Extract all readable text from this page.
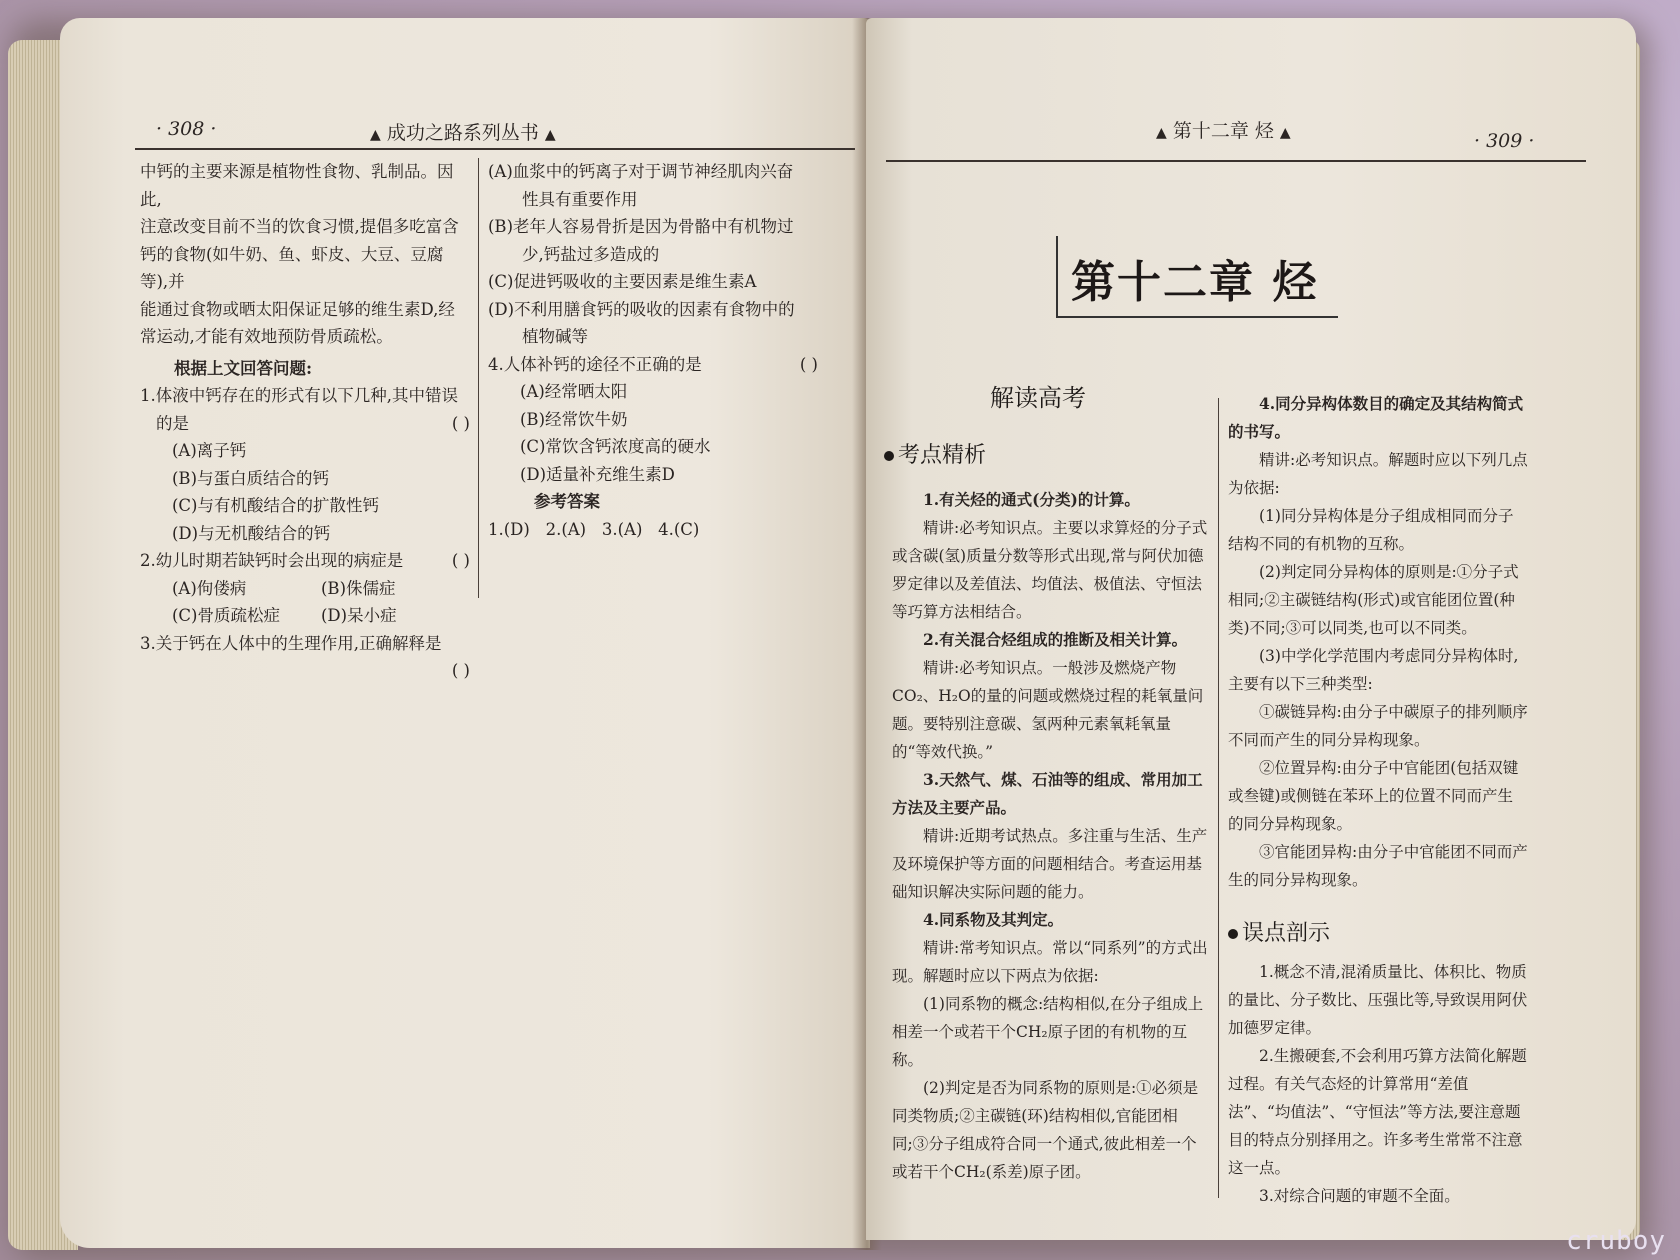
· 308 ·	▲ 成功之路系列丛书 ▲

中钙的主要来源是植物性食物、乳制品。因此,

注意改变目前不当的饮食习惯,提倡多吃富含

钙的食物(如牛奶、鱼、虾皮、大豆、豆腐等),并

能通过食物或晒太阳保证足够的维生素D,经

常运动,才能有效地预防骨质疏松。

根据上文回答问题:

1.体液中钙存在的形式有以下几种,其中错误

的是	( )

(A)离子钙

(B)与蛋白质结合的钙

(C)与有机酸结合的扩散性钙

(D)与无机酸结合的钙

2.幼儿时期若缺钙时会出现的病症是	( )

(A)佝偻病	(B)侏儒症

(C)骨质疏松症	(D)呆小症

3.关于钙在人体中的生理作用,正确解释是

( )

(A)血浆中的钙离子对于调节神经肌肉兴奋

性具有重要作用

(B)老年人容易骨折是因为骨骼中有机物过

少,钙盐过多造成的

(C)促进钙吸收的主要因素是维生素A

(D)不利用膳食钙的吸收的因素有食物中的

植物碱等

4.人体补钙的途径不正确的是	( )

(A)经常晒太阳

(B)经常饮牛奶

(C)常饮含钙浓度高的硬水

(D)适量补充维生素D

参考答案

1.(D)   2.(A)   3.(A)   4.(C)

▲ 第十二章 烃 ▲	· 309 ·
第十二章 烃
解读高考
考点精析

1.有关烃的通式(分类)的计算。

精讲:必考知识点。主要以求算烃的分子式或含碳(氢)质量分数等形式出现,常与阿伏加德罗定律以及差值法、均值法、极值法、守恒法等巧算方法相结合。

2.有关混合烃组成的推断及相关计算。

精讲:必考知识点。一般涉及燃烧产物CO₂、H₂O的量的问题或燃烧过程的耗氧量问题。要特别注意碳、氢两种元素氧耗氧量的“等效代换。”

3.天然气、煤、石油等的组成、常用加工方法及主要产品。

精讲:近期考试热点。多注重与生活、生产及环境保护等方面的问题相结合。考查运用基础知识解决实际问题的能力。

4.同系物及其判定。

精讲:常考知识点。常以“同系列”的方式出现。解题时应以下两点为依据:

(1)同系物的概念:结构相似,在分子组成上相差一个或若干个CH₂原子团的有机物的互称。

(2)判定是否为同系物的原则是:①必须是同类物质;②主碳链(环)结构相似,官能团相同;③分子组成符合同一个通式,彼此相差一个或若干个CH₂(系差)原子团。

4.同分异构体数目的确定及其结构简式的书写。

精讲:必考知识点。解题时应以下列几点为依据:

(1)同分异构体是分子组成相同而分子结构不同的有机物的互称。

(2)判定同分异构体的原则是:①分子式相同;②主碳链结构(形式)或官能团位置(种类)不同;③可以同类,也可以不同类。

(3)中学化学范围内考虑同分异构体时,主要有以下三种类型:

①碳链异构:由分子中碳原子的排列顺序不同而产生的同分异构现象。

②位置异构:由分子中官能团(包括双键或叁键)或侧链在苯环上的位置不同而产生的同分异构现象。

③官能团异构:由分子中官能团不同而产生的同分异构现象。

误点剖示

1.概念不清,混淆质量比、体积比、物质的量比、分子数比、压强比等,导致误用阿伏加德罗定律。

2.生搬硬套,不会利用巧算方法简化解题过程。有关气态烃的计算常用“差值法”、“均值法”、“守恒法”等方法,要注意题目的特点分别择用之。许多考生常常不注意这一点。

3.对综合问题的审题不全面。

cruboy
